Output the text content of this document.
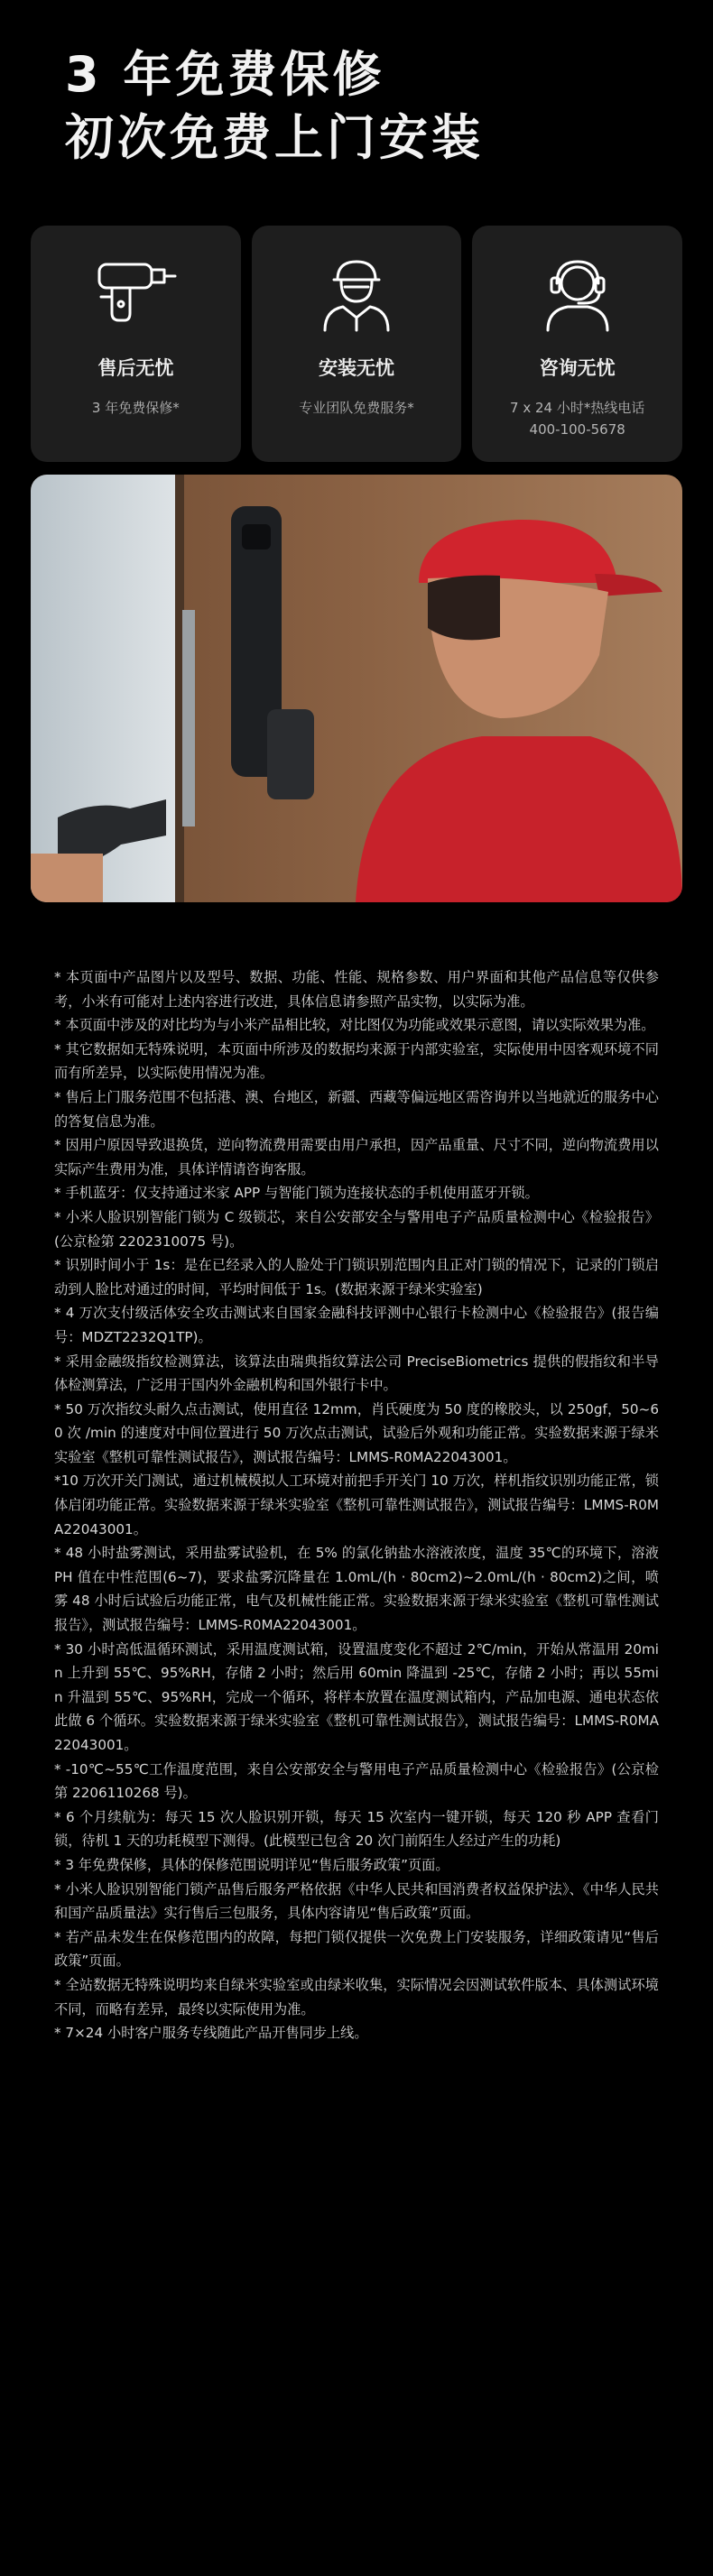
3 年免费保修
初次免费上门安装
售后无忧
3 年免费保修*
安装无忧
专业团队免费服务*
咨询无忧
7 x 24 小时*热线电话
400-100-5678

* 本页面中产品图片以及型号、数据、功能、性能、规格参数、用户界面和其他产品信息等仅供参考，小米有可能对上述内容进行改进，具体信息请参照产品实物，以实际为准。

* 本页面中涉及的对比均为与小米产品相比较，对比图仅为功能或效果示意图，请以实际效果为准。

* 其它数据如无特殊说明，本页面中所涉及的数据均来源于内部实验室，实际使用中因客观环境不同而有所差异，以实际使用情况为准。

* 售后上门服务范围不包括港、澳、台地区，新疆、西藏等偏远地区需咨询并以当地就近的服务中心的答复信息为准。

* 因用户原因导致退换货，逆向物流费用需要由用户承担，因产品重量、尺寸不同，逆向物流费用以实际产生费用为准，具体详情请咨询客服。

* 手机蓝牙：仅支持通过米家 APP 与智能门锁为连接状态的手机使用蓝牙开锁。

* 小米人脸识别智能门锁为 C 级锁芯，来自公安部安全与警用电子产品质量检测中心《检验报告》(公京检第 2202310075 号)。

* 识别时间小于 1s：是在已经录入的人脸处于门锁识别范围内且正对门锁的情况下，记录的门锁启动到人脸比对通过的时间，平均时间低于 1s。(数据来源于绿米实验室)

* 4 万次支付级活体安全攻击测试来自国家金融科技评测中心银行卡检测中心《检验报告》(报告编号：MDZT2232Q1TP)。

* 采用金融级指纹检测算法，该算法由瑞典指纹算法公司 PreciseBiometrics 提供的假指纹和半导体检测算法，广泛用于国内外金融机构和国外银行卡中。

* 50 万次指纹头耐久点击测试，使用直径 12mm，肖氏硬度为 50 度的橡胶头，以 250gf，50~60 次 /min 的速度对中间位置进行 50 万次点击测试，试验后外观和功能正常。实验数据来源于绿米实验室《整机可靠性测试报告》，测试报告编号：LMMS-R0MA22043001。

*10 万次开关门测试，通过机械模拟人工环境对前把手开关门 10 万次，样机指纹识别功能正常，锁体启闭功能正常。实验数据来源于绿米实验室《整机可靠性测试报告》，测试报告编号：LMMS-R0MA22043001。

* 48 小时盐雾测试，采用盐雾试验机，在 5% 的氯化钠盐水溶液浓度，温度 35℃的环境下，溶液 PH 值在中性范围(6~7)，要求盐雾沉降量在 1.0mL/(h · 80cm2)~2.0mL/(h · 80cm2)之间，喷雾 48 小时后试验后功能正常，电气及机械性能正常。实验数据来源于绿米实验室《整机可靠性测试报告》，测试报告编号：LMMS-R0MA22043001。

* 30 小时高低温循环测试，采用温度测试箱，设置温度变化不超过 2℃/min，开始从常温用 20min 上升到 55℃、95%RH，存储 2 小时；然后用 60min 降温到 -25℃，存储 2 小时；再以 55min 升温到 55℃、95%RH，完成一个循环，将样本放置在温度测试箱内，产品加电源、通电状态依此做 6 个循环。实验数据来源于绿米实验室《整机可靠性测试报告》，测试报告编号：LMMS-R0MA22043001。

* -10℃~55℃工作温度范围，来自公安部安全与警用电子产品质量检测中心《检验报告》(公京检第 2206110268 号)。

* 6 个月续航为：每天 15 次人脸识别开锁，每天 15 次室内一键开锁，每天 120 秒 APP 查看门锁，待机 1 天的功耗模型下测得。(此模型已包含 20 次门前陌生人经过产生的功耗)

* 3 年免费保修，具体的保修范围说明详见“售后服务政策”页面。

* 小米人脸识别智能门锁产品售后服务严格依据《中华人民共和国消费者权益保护法》、《中华人民共和国产品质量法》实行售后三包服务，具体内容请见“售后政策”页面。

* 若产品未发生在保修范围内的故障，每把门锁仅提供一次免费上门安装服务，详细政策请见“售后政策”页面。

* 全站数据无特殊说明均来自绿米实验室或由绿米收集，实际情况会因测试软件版本、具体测试环境不同，而略有差异，最终以实际使用为准。

* 7×24 小时客户服务专线随此产品开售同步上线。
